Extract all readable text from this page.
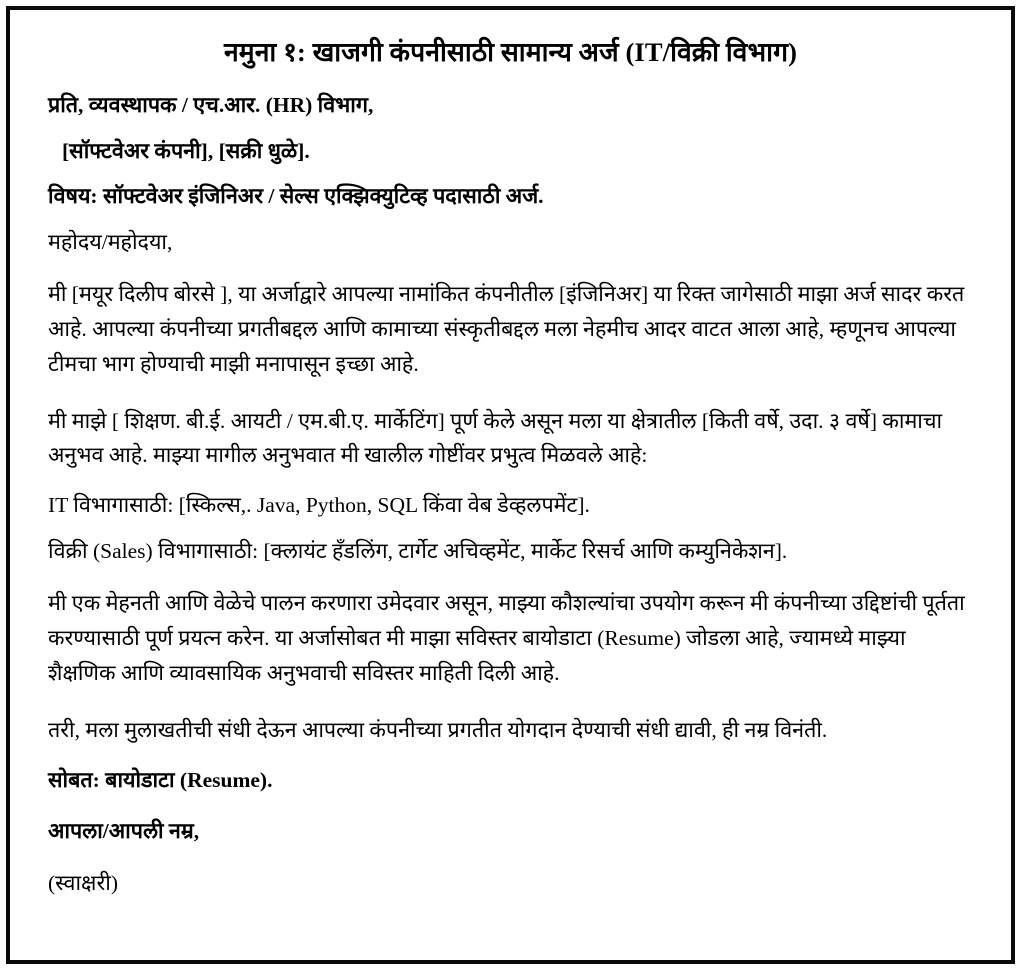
नमुना १: खाजगी कंपनीसाठी सामान्य अर्ज (IT/विक्री विभाग)
प्रति, व्यवस्थापक / एच.आर. (HR) विभाग,
[सॉफ्टवेअर कंपनी], [सक्री धुळे].
विषय: सॉफ्टवेअर इंजिनिअर / सेल्स एक्झिक्युटिव्ह पदासाठी अर्ज.
महोदय/महोदया,

मी [मयूर दिलीप बोरसे ], या अर्जाद्वारे आपल्या नामांकित कंपनीतील [इंजिनिअर] या रिक्त जागेसाठी माझा अर्ज सादर करत आहे. आपल्या कंपनीच्या प्रगतीबद्दल आणि कामाच्या संस्कृतीबद्दल मला नेहमीच आदर वाटत आला आहे, म्हणूनच आपल्या टीमचा भाग होण्याची माझी मनापासून इच्छा आहे.

मी माझे [ शिक्षण. बी.ई. आयटी / एम.बी.ए. मार्केटिंग] पूर्ण केले असून मला या क्षेत्रातील [किती वर्षे, उदा. ३ वर्षे] कामाचा अनुभव आहे. माझ्या मागील अनुभवात मी खालील गोष्टींवर प्रभुत्व मिळवले आहे:

IT विभागासाठी: [स्किल्स,. Java, Python, SQL किंवा वेब डेव्हलपमेंट].
विक्री (Sales) विभागासाठी: [क्लायंट हँडलिंग, टार्गेट अचिव्हमेंट, मार्केट रिसर्च आणि कम्युनिकेशन].

मी एक मेहनती आणि वेळेचे पालन करणारा उमेदवार असून, माझ्या कौशल्यांचा उपयोग करून मी कंपनीच्या उद्दिष्टांची पूर्तता करण्यासाठी पूर्ण प्रयत्न करेन. या अर्जासोबत मी माझा सविस्तर बायोडाटा (Resume) जोडला आहे, ज्यामध्ये माझ्या शैक्षणिक आणि व्यावसायिक अनुभवाची सविस्तर माहिती दिली आहे.

तरी, मला मुलाखतीची संधी देऊन आपल्या कंपनीच्या प्रगतीत योगदान देण्याची संधी द्यावी, ही नम्र विनंती.

सोबत: बायोडाटा (Resume).
आपला/आपली नम्र,
(स्वाक्षरी)
